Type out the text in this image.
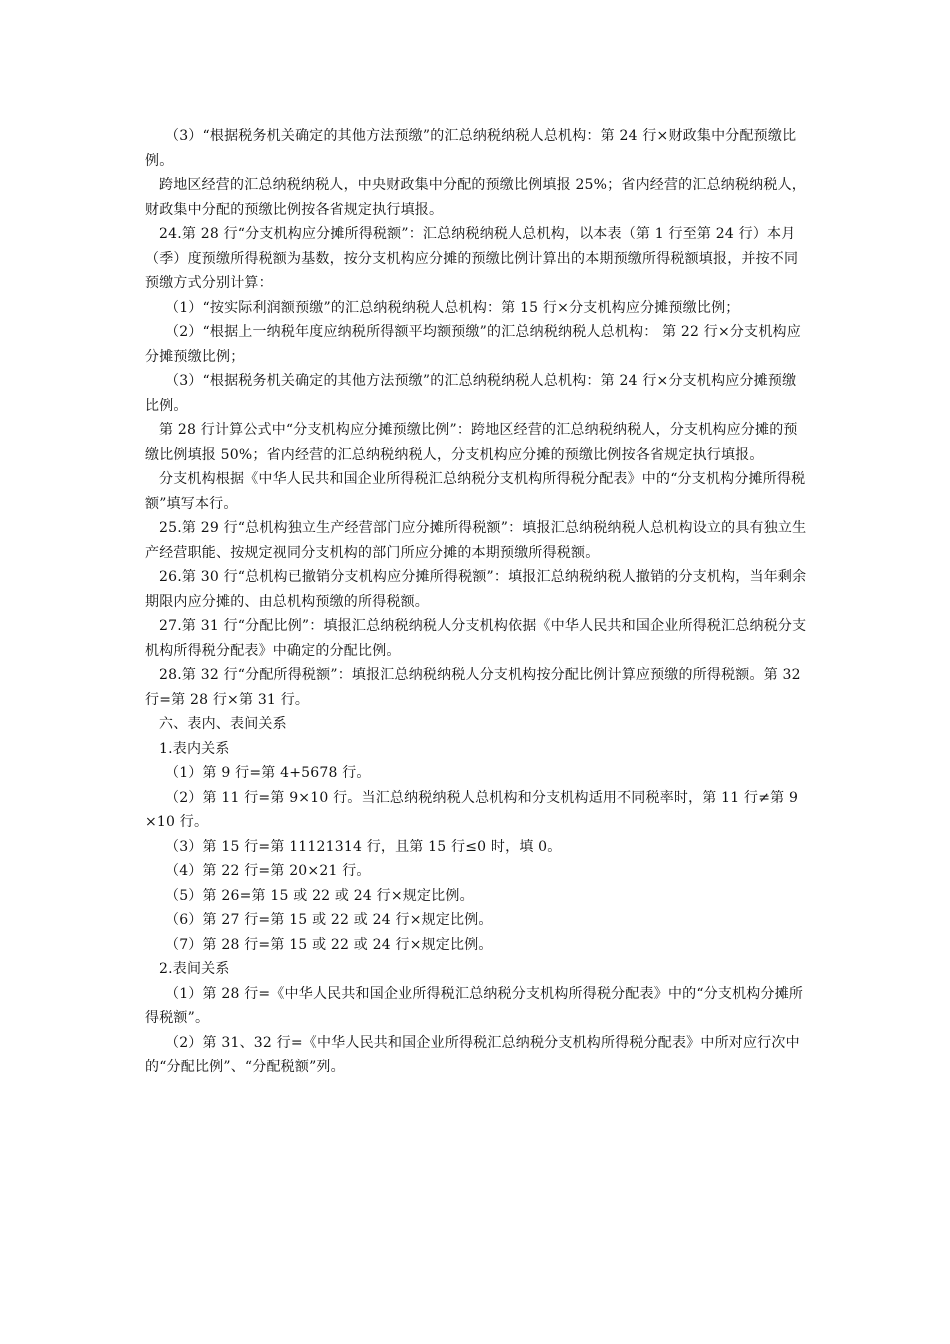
（3）“根据税务机关确定的其他方法预缴”的汇总纳税纳税人总机构：第 24 行×财政集中分配预缴比例。

跨地区经营的汇总纳税纳税人，中央财政集中分配的预缴比例填报 25%；省内经营的汇总纳税纳税人，财政集中分配的预缴比例按各省规定执行填报。

24.第 28 行“分支机构应分摊所得税额”：汇总纳税纳税人总机构，以本表（第 1 行至第 24 行）本月（季）度预缴所得税额为基数，按分支机构应分摊的预缴比例计算出的本期预缴所得税额填报，并按不同预缴方式分别计算：

（1）“按实际利润额预缴”的汇总纳税纳税人总机构：第 15 行×分支机构应分摊预缴比例；

（2）“根据上一纳税年度应纳税所得额平均额预缴”的汇总纳税纳税人总机构： 第 22 行×分支机构应分摊预缴比例；

（3）“根据税务机关确定的其他方法预缴”的汇总纳税纳税人总机构：第 24 行×分支机构应分摊预缴比例。

第 28 行计算公式中“分支机构应分摊预缴比例”：跨地区经营的汇总纳税纳税人，分支机构应分摊的预缴比例填报 50%；省内经营的汇总纳税纳税人，分支机构应分摊的预缴比例按各省规定执行填报。

分支机构根据《中华人民共和国企业所得税汇总纳税分支机构所得税分配表》中的“分支机构分摊所得税额”填写本行。

25.第 29 行“总机构独立生产经营部门应分摊所得税额”：填报汇总纳税纳税人总机构设立的具有独立生产经营职能、按规定视同分支机构的部门所应分摊的本期预缴所得税额。

26.第 30 行“总机构已撤销分支机构应分摊所得税额”：填报汇总纳税纳税人撤销的分支机构，当年剩余期限内应分摊的、由总机构预缴的所得税额。

27.第 31 行“分配比例”：填报汇总纳税纳税人分支机构依据《中华人民共和国企业所得税汇总纳税分支机构所得税分配表》中确定的分配比例。

28.第 32 行“分配所得税额”：填报汇总纳税纳税人分支机构按分配比例计算应预缴的所得税额。第 32 行=第 28 行×第 31 行。

六、表内、表间关系

1.表内关系

（1）第 9 行=第 4+5678 行。

（2）第 11 行=第 9×10 行。当汇总纳税纳税人总机构和分支机构适用不同税率时，第 11 行≠第 9×10 行。

（3）第 15 行=第 11121314 行，且第 15 行≤0 时，填 0。

（4）第 22 行=第 20×21 行。

（5）第 26=第 15 或 22 或 24 行×规定比例。

（6）第 27 行=第 15 或 22 或 24 行×规定比例。

（7）第 28 行=第 15 或 22 或 24 行×规定比例。

2.表间关系

（1）第 28 行=《中华人民共和国企业所得税汇总纳税分支机构所得税分配表》中的“分支机构分摊所得税额”。

（2）第 31、32 行=《中华人民共和国企业所得税汇总纳税分支机构所得税分配表》中所对应行次中的“分配比例”、“分配税额”列。
